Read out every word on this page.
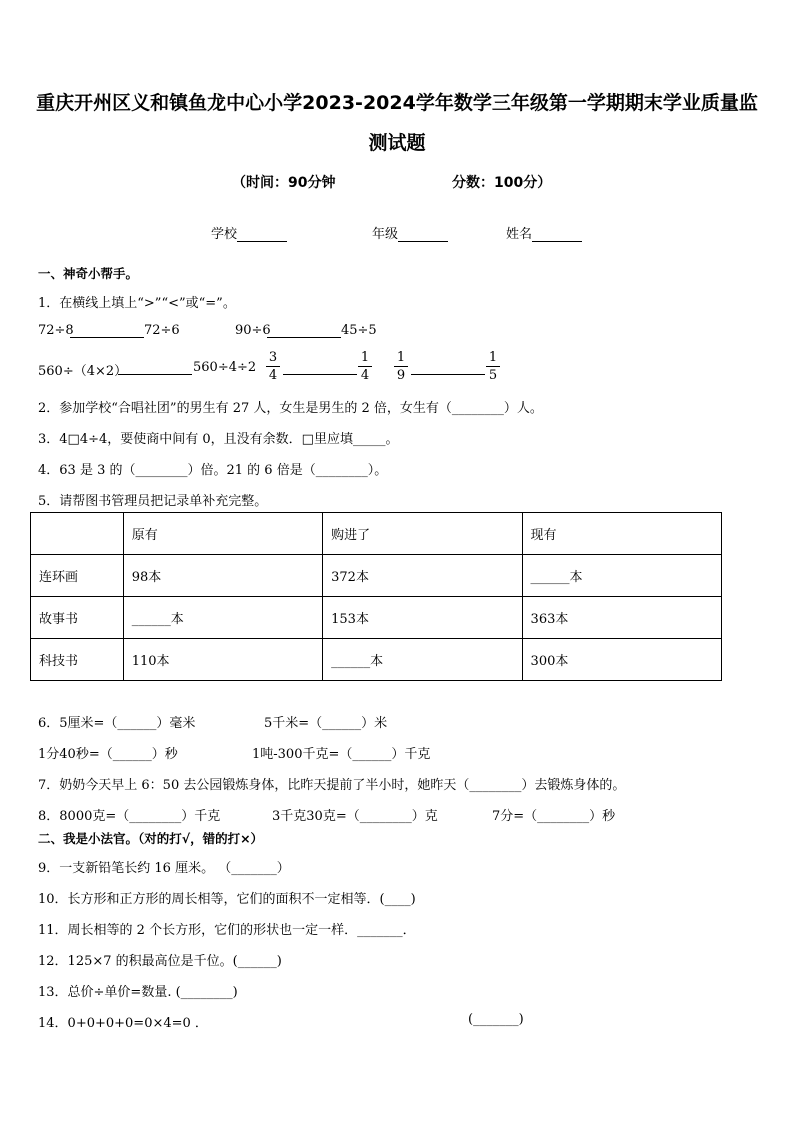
重庆开州区义和镇鱼龙中心小学2023-2024学年数学三年级第一学期期末学业质量监
测试题
（时间：90分钟	分数：100分）
学校	年级	姓名
一、神奇小帮手。
1．在横线上填上“>”“<”或“=”。
72÷8	72÷6	90÷6	45÷5
560÷（4×2）	$560\div 4\div 2 \frac{3}{4}$	$\frac{1}{4} \frac{1}{9}$	$\frac{1}{5}$
2．参加学校“合唱社团”的男生有 27 人，女生是男生的 2 倍，女生有（________）人。
3．4□4÷4，要使商中间有 0，且没有余数．□里应填_____。
4．63 是 3 的（________）倍。21 的 6 倍是（________）。
5．请帮图书管理员把记录单补充完整。
	原有	购进了	现有
连环画	98本	372本	______本
故事书	______本	153本	363本
科技书	110本	______本	300本
6．5厘米=（______）毫米	5千米=（______）米
1分40秒=（______）秒	1吨-300千克=（______）千克
7．奶奶今天早上 6：50 去公园锻炼身体，比昨天提前了半小时，她昨天（________）去锻炼身体的。
8．8000克=（________）千克	3千克30克=（________）克	7分=（________）秒
二、我是小法官。（对的打√，错的打×）
9．一支新铅笔长约 16 厘米。 （_______）
10．长方形和正方形的周长相等，它们的面积不一定相等．(____)
11．周长相等的 2 个长方形，它们的形状也一定一样．_______．
12．125×7 的积最高位是千位。(______)
13．总价÷单价=数量. (________)
14．0+0+0+0=0×4=0 ．	(_______)
